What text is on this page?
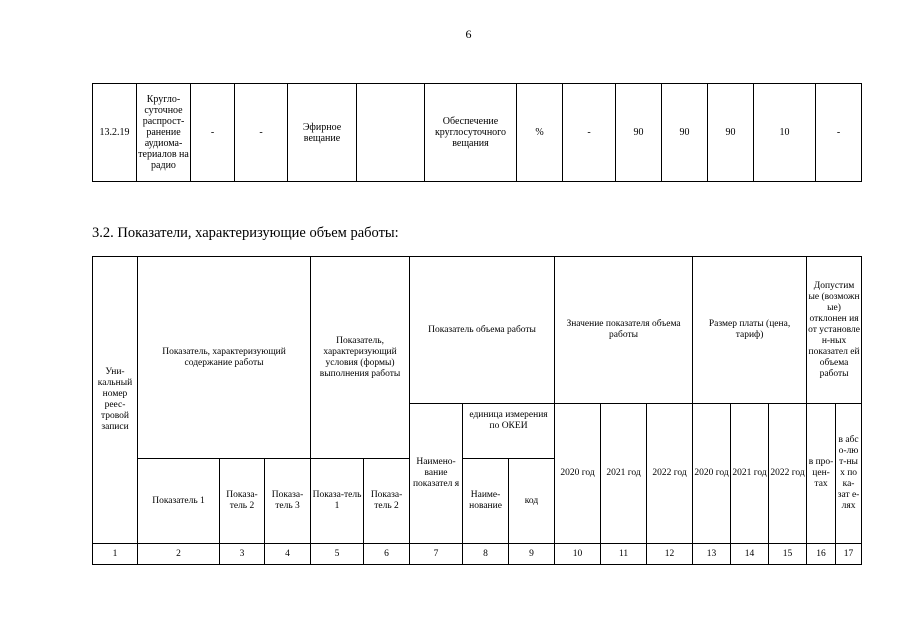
6
13.2.19	Кругло-суточное распрост-ранение аудиома-териалов на радио	-	-	Эфирное вещание		Обеспечение круглосуточного вещания	%	-	90	90	90	10	-
3.2. Показатели, характеризующие объем работы:
Уни-кальный номер реес-тровой записи	Показатель, характеризующий содержание работы			Показатель, характеризующий условия (формы) выполнения работы		Показатель объема работы			Значение показателя объема работы			Размер платы (цена, тариф)			Допустим ые (возможн ые) отклонен ия от установле н-ных показател ей объема работы	
						Наимено-вание показател я	единица измерения по ОКЕИ		2020 год	2021 год	2022 год	2020 год	2021 год	2022 год	в про-цен-тах	в абс о-лю т-ны х по ка-зат е-лях
	Показатель 1	Показа-тель 2	Показа-тель 3	Показа-тель 1	Показа-тель 2		Наиме-нование	код								
1	2	3	4	5	6	7	8	9	10	11	12	13	14	15	16	17
